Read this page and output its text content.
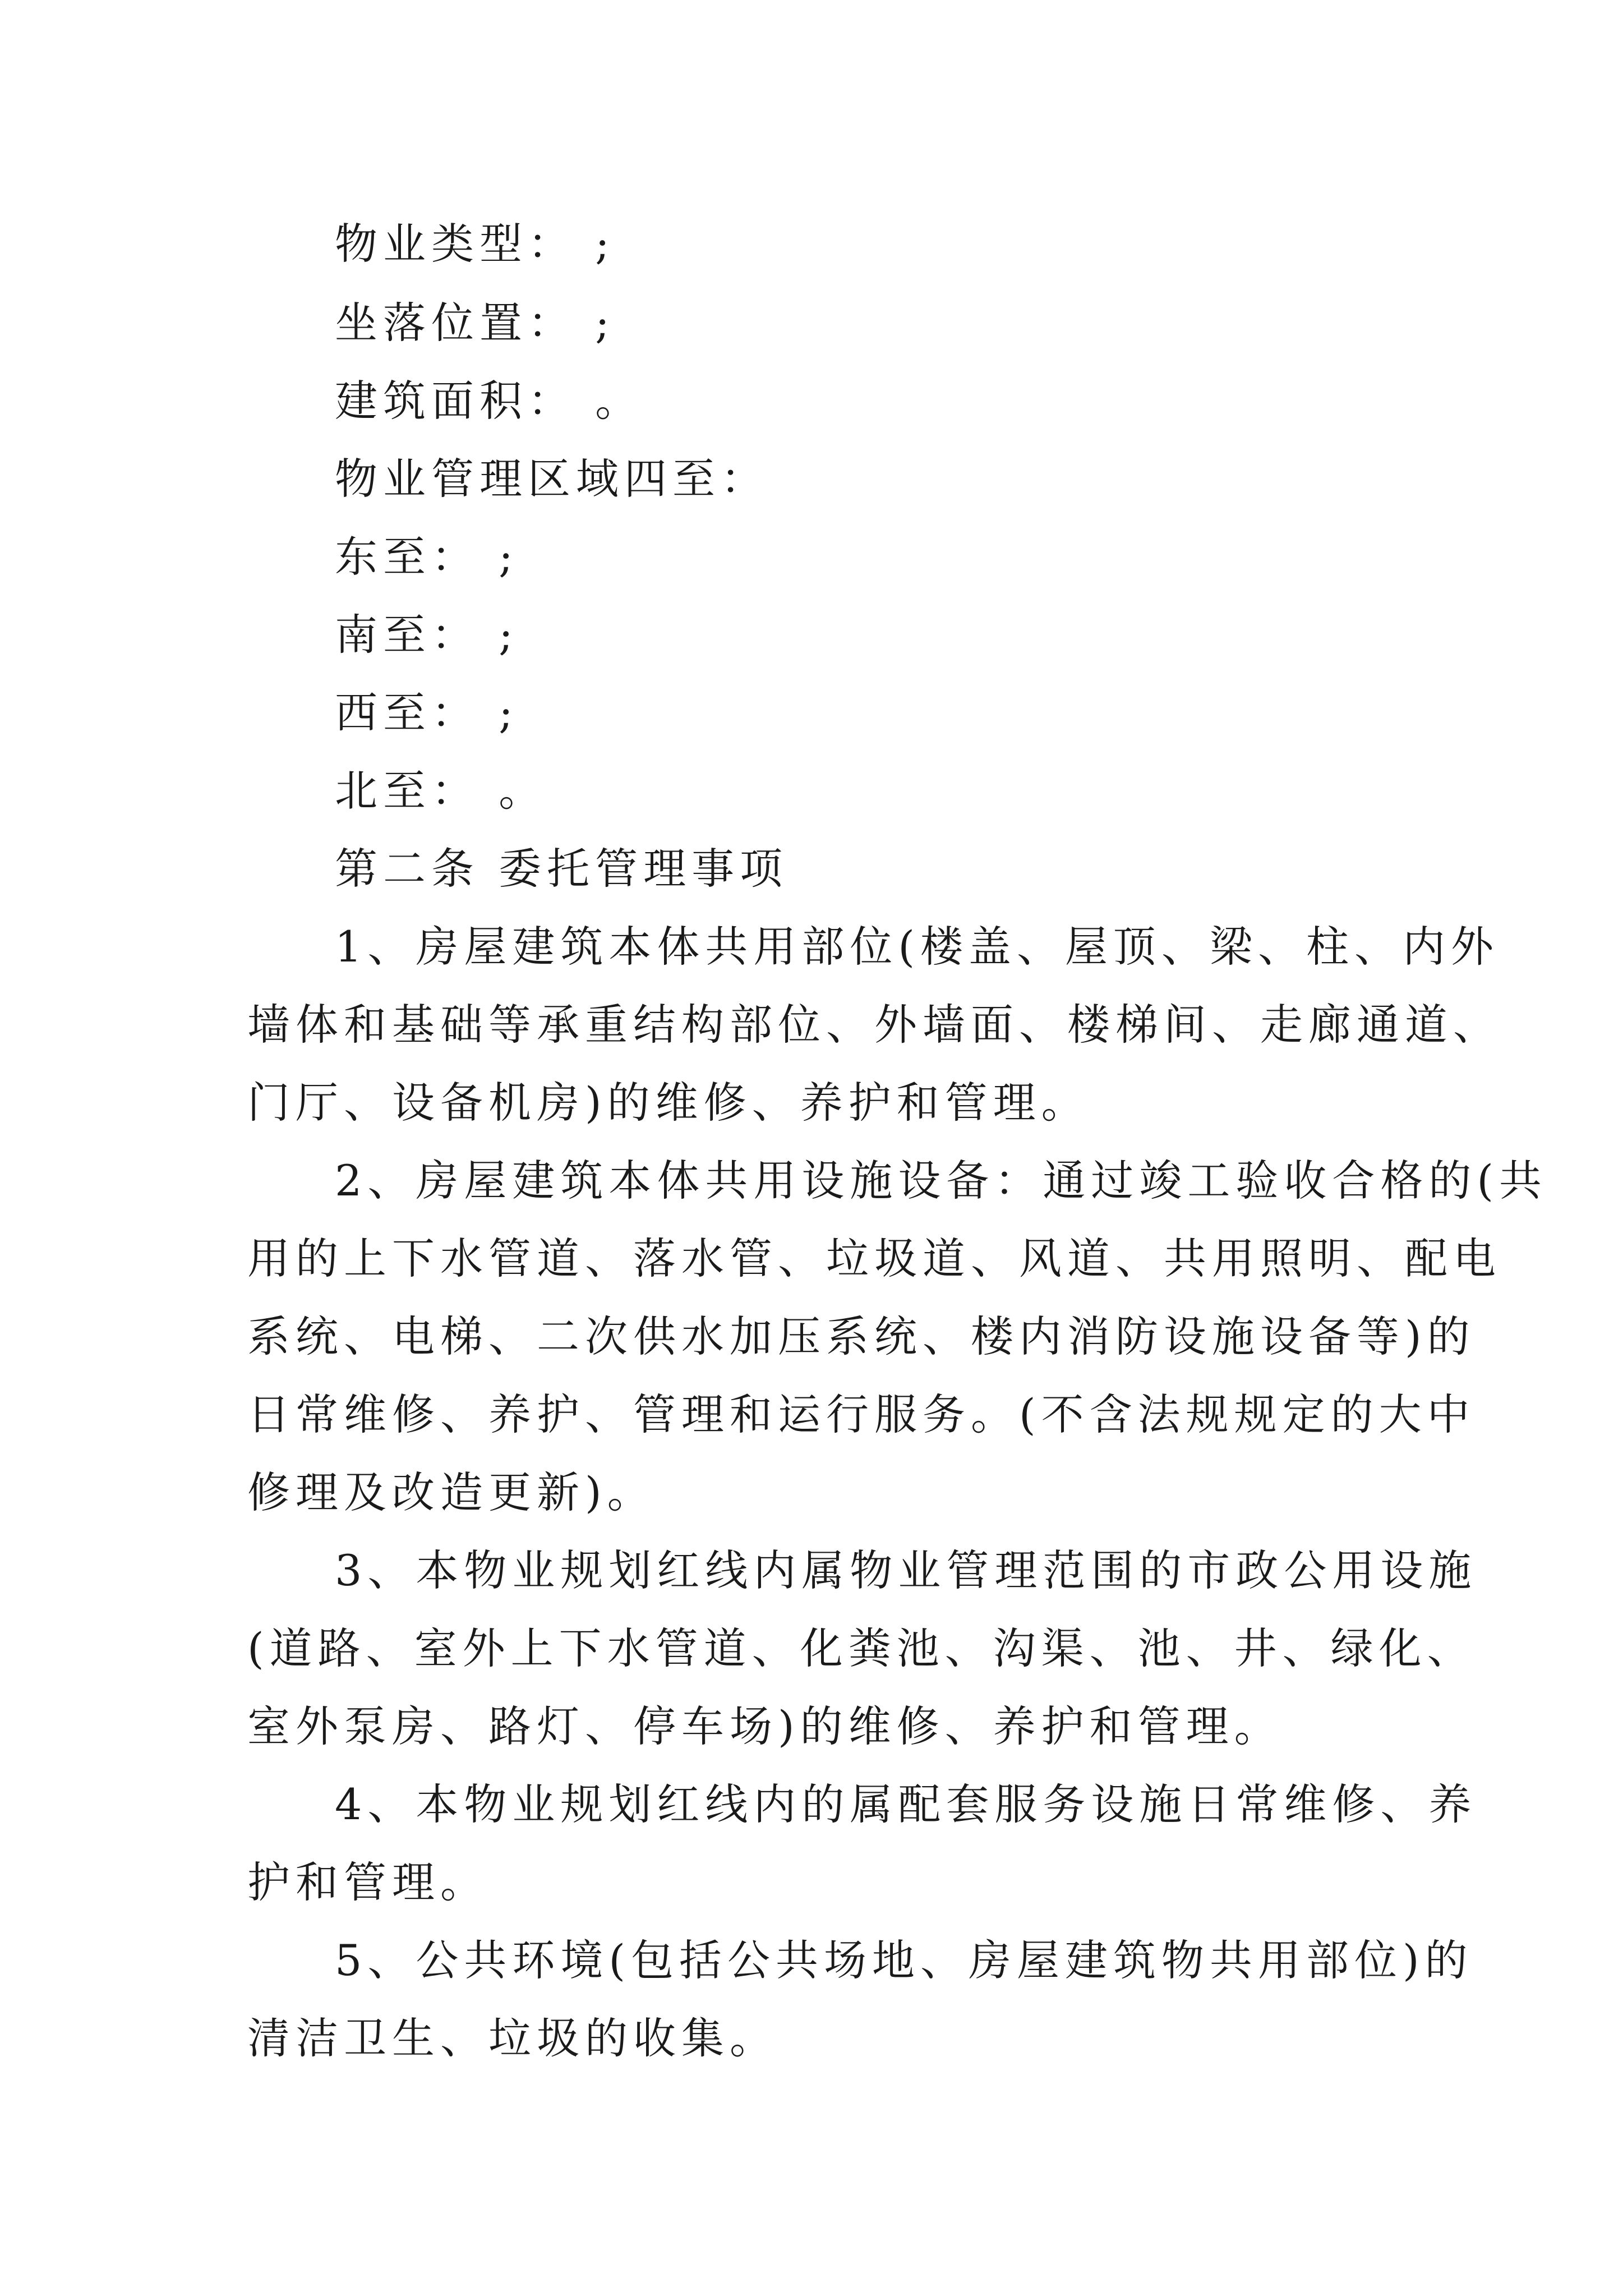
物业类型： ;
坐落位置： ;
建筑面积： 。
物业管理区域四至：
东至： ;
南至： ;
西至： ;
北至： 。
第二条 委托管理事项
1、房屋建筑本体共用部位(楼盖、屋顶、梁、柱、内外
墙体和基础等承重结构部位、外墙面、楼梯间、走廊通道、
门厅、设备机房)的维修、养护和管理。
2、房屋建筑本体共用设施设备：通过竣工验收合格的(共
用的上下水管道、落水管、垃圾道、风道、共用照明、配电
系统、电梯、二次供水加压系统、楼内消防设施设备等)的
日常维修、养护、管理和运行服务。(不含法规规定的大中
修理及改造更新)。
3、本物业规划红线内属物业管理范围的市政公用设施
(道路、室外上下水管道、化粪池、沟渠、池、井、绿化、
室外泵房、路灯、停车场)的维修、养护和管理。
4、本物业规划红线内的属配套服务设施日常维修、养
护和管理。
5、公共环境(包括公共场地、房屋建筑物共用部位)的
清洁卫生、垃圾的收集。
